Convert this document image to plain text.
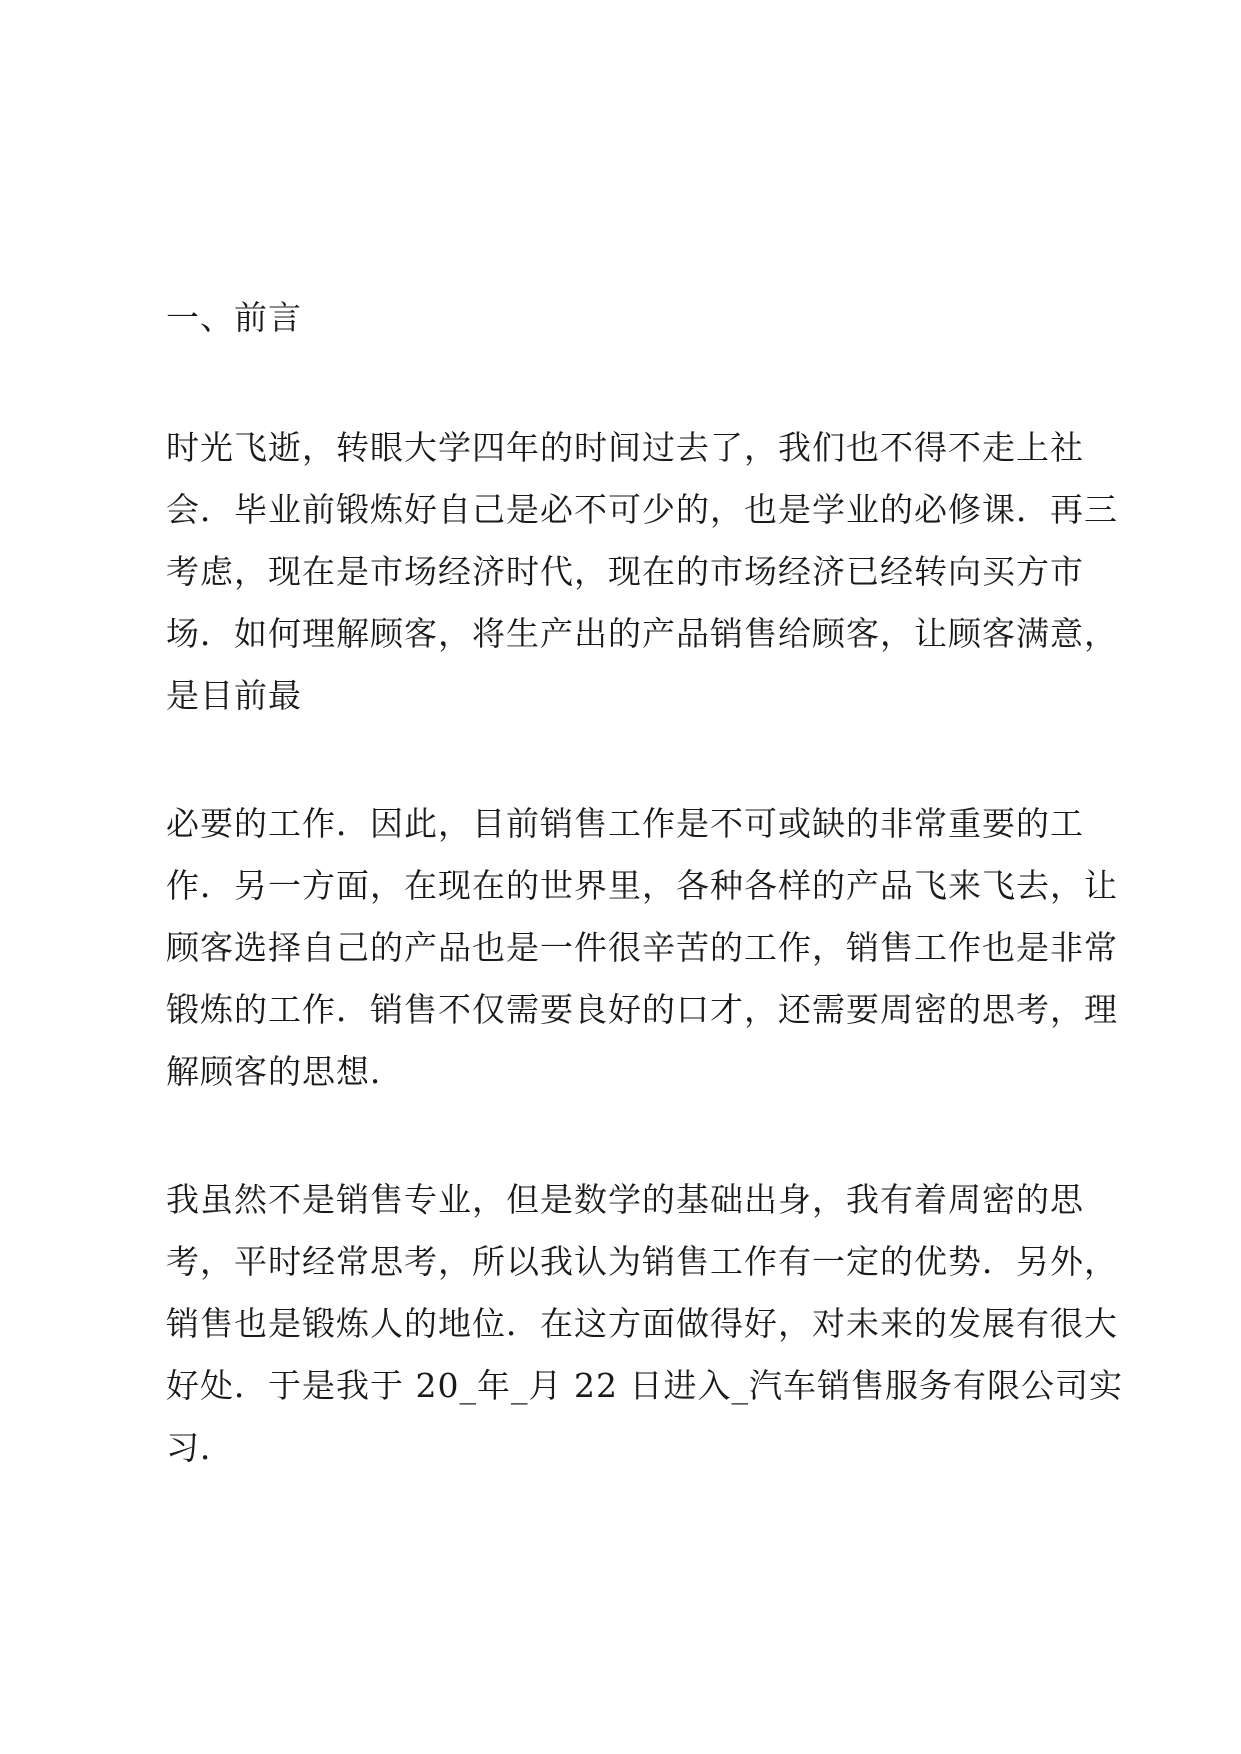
一、前言
时光飞逝，转眼大学四年的时间过去了，我们也不得不走上社
会．毕业前锻炼好自己是必不可少的，也是学业的必修课．再三
考虑，现在是市场经济时代，现在的市场经济已经转向买方市
场．如何理解顾客，将生产出的产品销售给顾客，让顾客满意，
是目前最
必要的工作．因此，目前销售工作是不可或缺的非常重要的工
作．另一方面，在现在的世界里，各种各样的产品飞来飞去，让
顾客选择自己的产品也是一件很辛苦的工作，销售工作也是非常
锻炼的工作．销售不仅需要良好的口才，还需要周密的思考，理
解顾客的思想．
我虽然不是销售专业，但是数学的基础出身，我有着周密的思
考，平时经常思考，所以我认为销售工作有一定的优势．另外，
销售也是锻炼人的地位．在这方面做得好，对未来的发展有很大
好处．于是我于 20_年_月 22 日进入_汽车销售服务有限公司实
习．
